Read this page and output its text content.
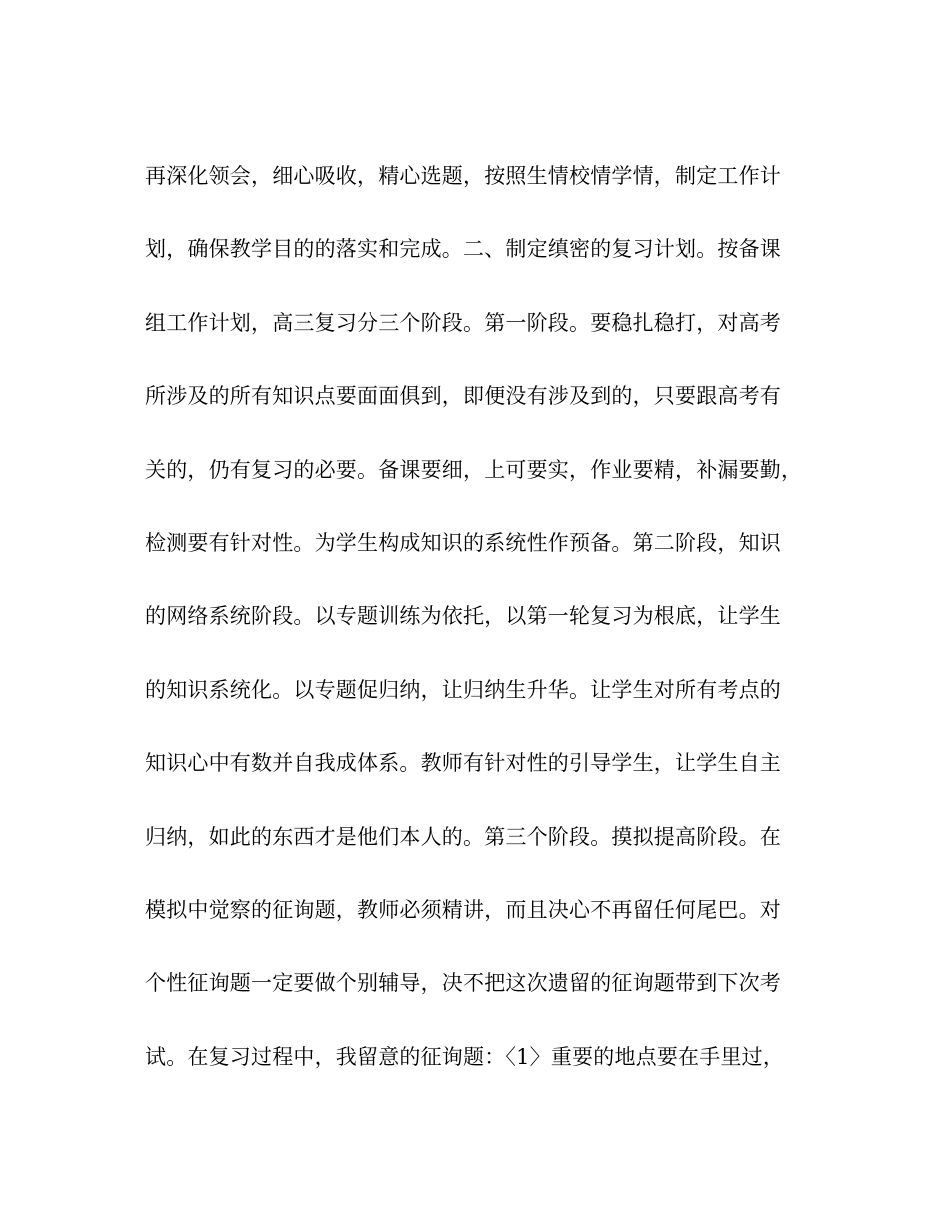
再深化领会，细心吸收，精心选题，按照生情校情学情，制定工作计
划，确保教学目的的落实和完成。二、制定缜密的复习计划。按备课
组工作计划，高三复习分三个阶段。第一阶段。要稳扎稳打，对高考
所涉及的所有知识点要面面俱到，即便没有涉及到的，只要跟高考有
关的，仍有复习的必要。备课要细，上可要实，作业要精，补漏要勤，
检测要有针对性。为学生构成知识的系统性作预备。第二阶段，知识
的网络系统阶段。以专题训练为依托，以第一轮复习为根底，让学生
的知识系统化。以专题促归纳，让归纳生升华。让学生对所有考点的
知识心中有数并自我成体系。教师有针对性的引导学生，让学生自主
归纳，如此的东西才是他们本人的。第三个阶段。摸拟提高阶段。在
模拟中觉察的征询题，教师必须精讲，而且决心不再留任何尾巴。对
个性征询题一定要做个别辅导，决不把这次遗留的征询题带到下次考
试。在复习过程中，我留意的征询题：〈1〉重要的地点要在手里过，
